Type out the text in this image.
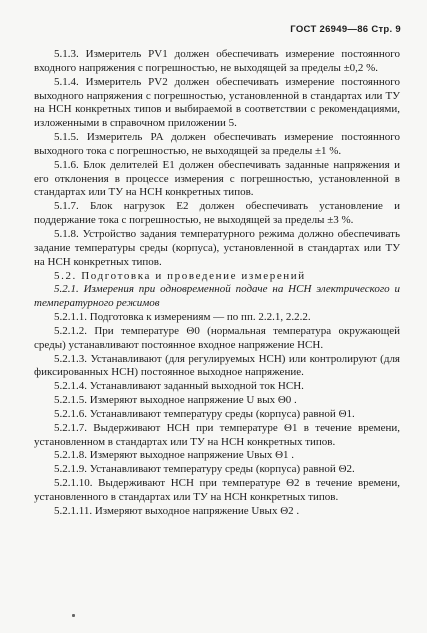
ГОСТ 26949—86 Стр. 9

5.1.3. Измеритель PV1 должен обеспечивать измерение постоянного входного напряжения с погрешностью, не выходящей за пределы ±0,2 %.

5.1.4. Измеритель PV2 должен обеспечивать измерение постоянного выходного напряжения с погрешностью, установленной в стандартах или ТУ на НСН конкретных типов и выбираемой в соответствии с рекомендациями, изложенными в справочном приложении 5.

5.1.5. Измеритель PA должен обеспечивать измерение постоянного выходного тока с погрешностью, не выходящей за пределы ±1 %.

5.1.6. Блок делителей E1 должен обеспечивать заданные напряжения и его отклонения в процессе измерения с погрешностью, установленной в стандартах или ТУ на НСН конкретных типов.

5.1.7. Блок нагрузок E2 должен обеспечивать установление и поддержание тока с погрешностью, не выходящей за пределы ±3 %.

5.1.8. Устройство задания температурного режима должно обеспечивать задание температуры среды (корпуса), установленной в стандартах или ТУ на НСН конкретных типов.

5.2. Подготовка и проведение измерений

5.2.1. Измерения при одновременной подаче на НСН электрического и температурного режимов

5.2.1.1. Подготовка к измерениям — по пп. 2.2.1, 2.2.2.

5.2.1.2. При температуре Θ0 (нормальная температура окружающей среды) устанавливают постоянное входное напряжение НСН.

5.2.1.3. Устанавливают (для регулируемых НСН) или контролируют (для фиксированных НСН) постоянное выходное напряжение.

5.2.1.4. Устанавливают заданный выходной ток НСН.

5.2.1.5. Измеряют выходное напряжение U вых Θ0 .

5.2.1.6. Устанавливают температуру среды (корпуса) равной Θ1.

5.2.1.7. Выдерживают НСН при температуре Θ1 в течение времени, установленном в стандартах или ТУ на НСН конкретных типов.

5.2.1.8. Измеряют выходное напряжение Uвых Θ1 .

5.2.1.9. Устанавливают температуру среды (корпуса) равной Θ2.

5.2.1.10. Выдерживают НСН при температуре Θ2 в течение времени, установленного в стандартах или ТУ на НСН конкретных типов.

5.2.1.11. Измеряют выходное напряжение Uвых Θ2 .
